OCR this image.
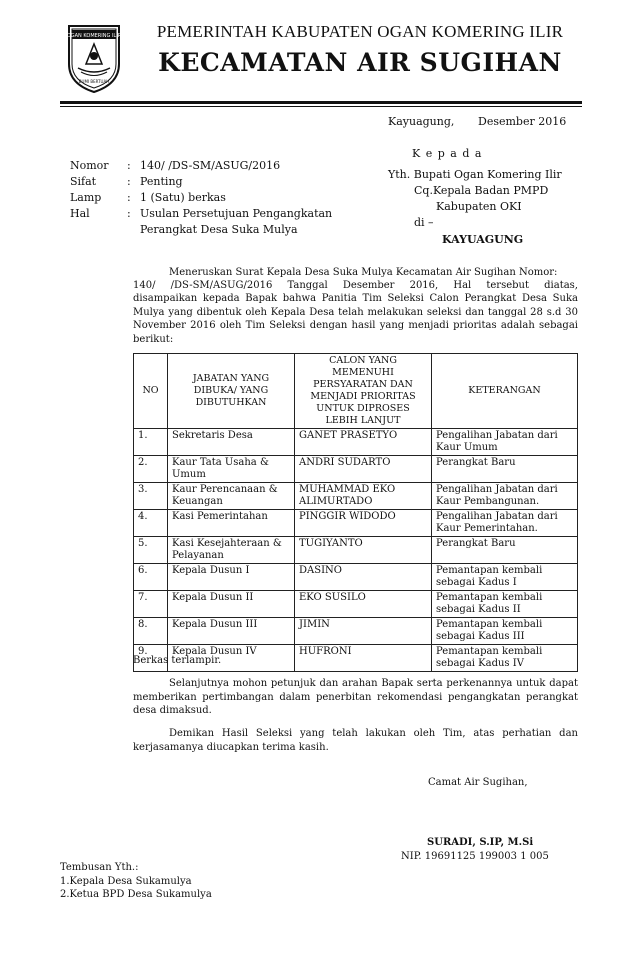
OGAN KOMERING ILIR
BUMI BERTUAH
PEMERINTAH KABUPATEN OGAN KOMERING ILIR
KECAMATAN AIR SUGIHAN
Kayuagung, Desember 2016
Nomor : 140/ /DS-SM/ASUG/2016
Sifat	: Penting
Lamp : 1 (Satu) berkas
Hal	: Usulan Persetujuan Pengangkatan
Perangkat Desa Suka Mulya
K e p a d a
Yth. Bupati Ogan Komering Ilir
Cq.Kepala Badan PMPD
Kabupaten OKI
di –
KAYUAGUNG
Meneruskan Surat Kepala Desa Suka Mulya Kecamatan Air Sugihan Nomor:
140/ /DS-SM/ASUG/2016 Tanggal Desember 2016, Hal tersebut diatas,
disampaikan kepada Bapak bahwa Panitia Tim Seleksi Calon Perangkat Desa Suka Mulya yang dibentuk oleh Kepala Desa telah melakukan seleksi dan tanggal 28 s.d 30 November 2016 oleh Tim Seleksi dengan hasil yang menjadi prioritas adalah sebagai berikut:
NO	JABATAN YANG DIBUKA/ YANG DIBUTUHKAN	CALON YANG MEMENUHI PERSYARATAN DAN MENJADI PRIORITAS UNTUK DIPROSES LEBIH LANJUT	KETERANGAN
1.	Sekretaris Desa	GANET PRASETYO	Pengalihan Jabatan dari Kaur Umum
2.	Kaur Tata Usaha & Umum	ANDRI SUDARTO	Perangkat Baru
3.	Kaur Perencanaan & Keuangan	MUHAMMAD EKO ALIMURTADO	Pengalihan Jabatan dari Kaur Pembangunan.
4.	Kasi Pemerintahan	PINGGIR WIDODO	Pengalihan Jabatan dari Kaur Pemerintahan.
5.	Kasi Kesejahteraan & Pelayanan	TUGIYANTO	Perangkat Baru
6.	Kepala Dusun I	DASINO	Pemantapan kembali sebagai Kadus I
7.	Kepala Dusun II	EKO SUSILO	Pemantapan kembali sebagai Kadus II
8.	Kepala Dusun III	JIMIN	Pemantapan kembali sebagai Kadus III
9.	Kepala Dusun IV	HUFRONI	Pemantapan kembali sebagai Kadus IV
Berkas terlampir.
Selanjutnya mohon petunjuk dan arahan Bapak serta perkenannya untuk dapat memberikan pertimbangan dalam penerbitan rekomendasi pengangkatan perangkat desa dimaksud.
Demikan Hasil Seleksi yang telah lakukan oleh Tim, atas perhatian dan kerjasamanya diucapkan terima kasih.
Camat Air Sugihan,
SURADI, S.IP, M.Si
NIP. 19691125 199003 1 005
Tembusan Yth.:
1.Kepala Desa Sukamulya
2.Ketua BPD Desa Sukamulya
